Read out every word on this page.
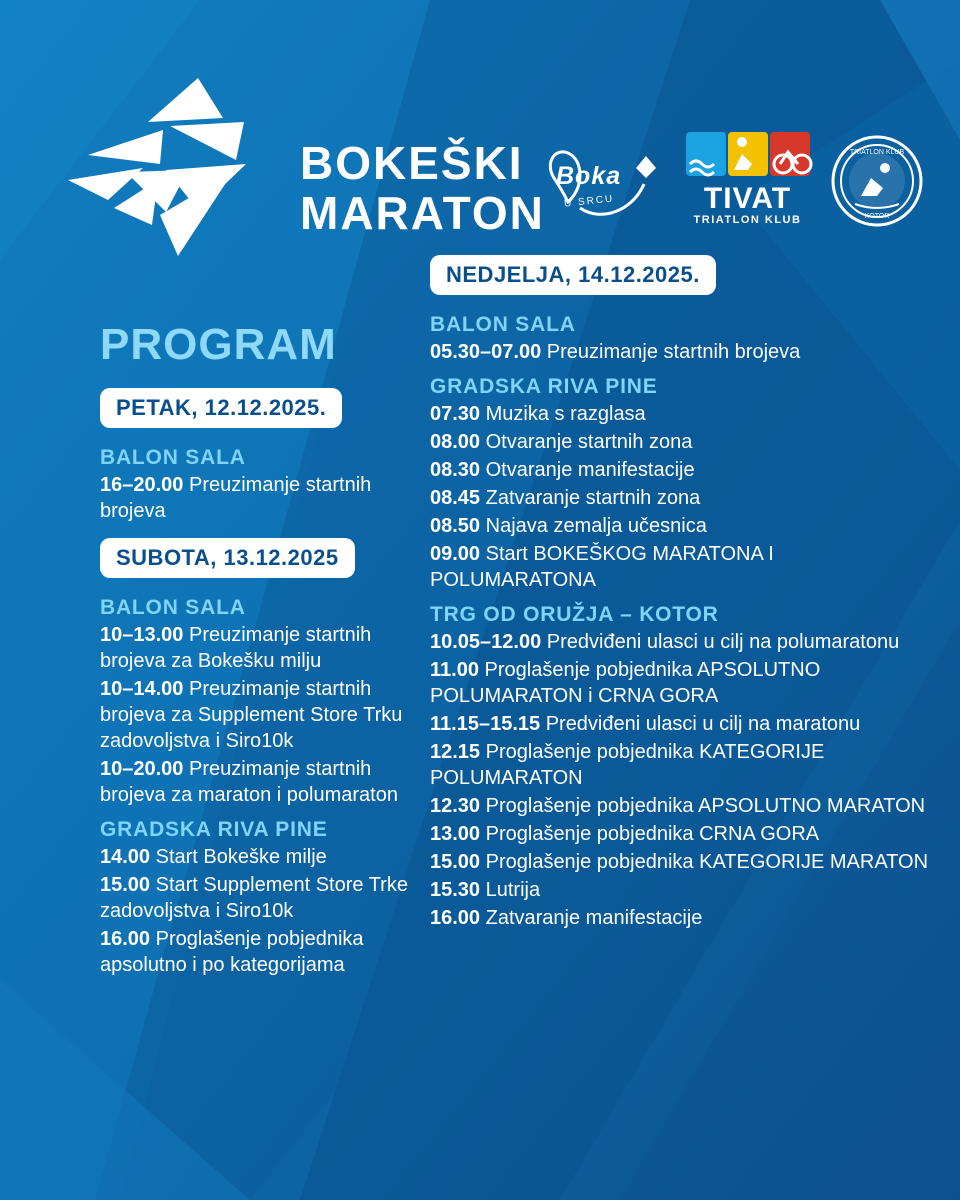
BOKEŠKI
MARATON
Boka
U SRCU	TIVAT
TRIATLON KLUB
TRIATLON KLUB
KOTOR
PROGRAM
PETAK, 12.12.2025.
BALON SALA

16–20.00 Preuzimanje startnih brojeva

SUBOTA, 13.12.2025
BALON SALA

10–13.00 Preuzimanje startnih brojeva za Bokešku milju

10–14.00 Preuzimanje startnih brojeva za Supplement Store Trku zadovoljstva i Siro10k

10–20.00 Preuzimanje startnih brojeva za maraton i polumaraton

GRADSKA RIVA PINE

14.00 Start Bokeške milje

15.00 Start Supplement Store Trke zadovoljstva i Siro10k

16.00 Proglašenje pobjednika apsolutno i po kategorijama

NEDJELJA, 14.12.2025.
BALON SALA

05.30–07.00 Preuzimanje startnih brojeva

GRADSKA RIVA PINE

07.30 Muzika s razglasa

08.00 Otvaranje startnih zona

08.30 Otvaranje manifestacije

08.45 Zatvaranje startnih zona

08.50 Najava zemalja učesnica

09.00 Start BOKEŠKOG MARATONA I POLUMARATONA

TRG OD ORUŽJA – KOTOR

10.05–12.00 Predviđeni ulasci u cilj na polumaratonu

11.00 Proglašenje pobjednika APSOLUTNO POLUMARATON i CRNA GORA

11.15–15.15 Predviđeni ulasci u cilj na maratonu

12.15 Proglašenje pobjednika KATEGORIJE POLUMARATON

12.30 Proglašenje pobjednika APSOLUTNO MARATON

13.00 Proglašenje pobjednika CRNA GORA

15.00 Proglašenje pobjednika KATEGORIJE MARATON

15.30 Lutrija

16.00 Zatvaranje manifestacije
